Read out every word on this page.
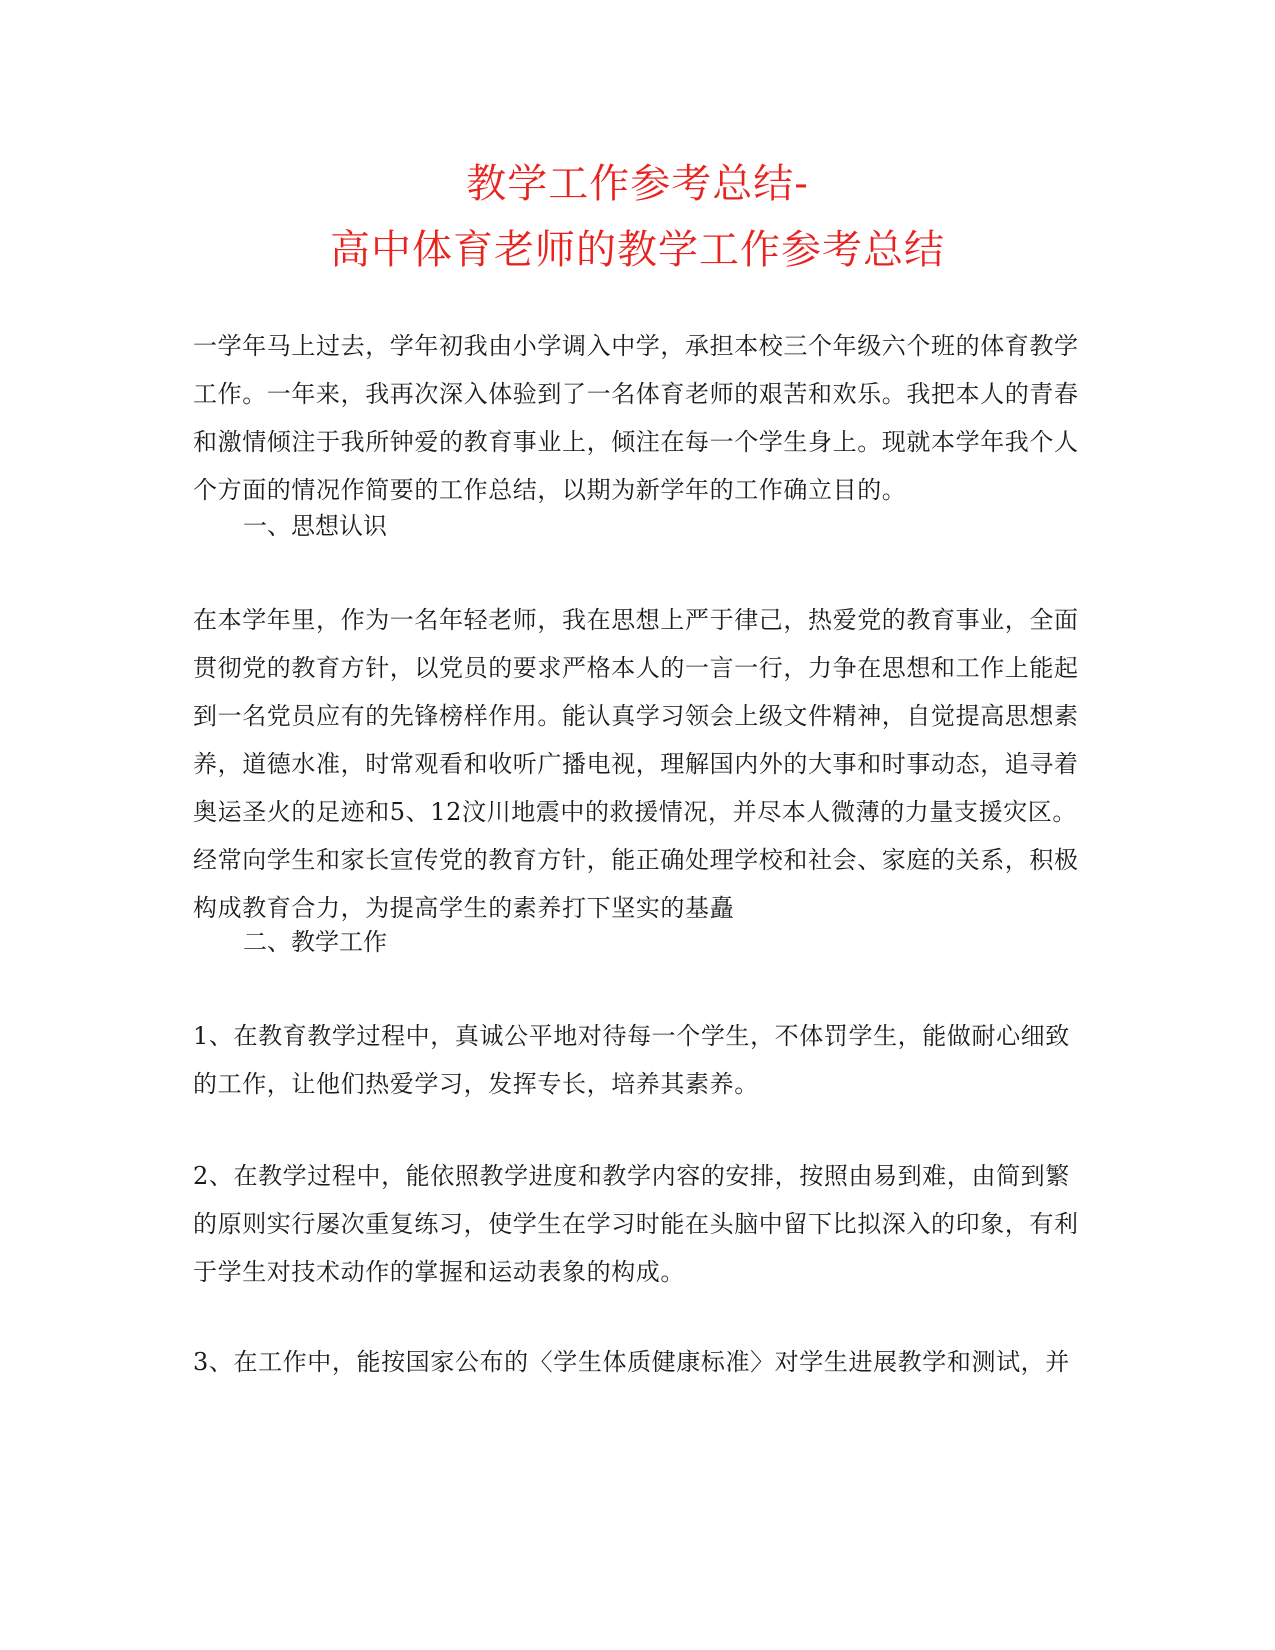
教学工作参考总结-
高中体育老师的教学工作参考总结
一学年马上过去，学年初我由小学调入中学，承担本校三个年级六个班的体育教学工作。一年来，我再次深入体验到了一名体育老师的艰苦和欢乐。我把本人的青春和激情倾注于我所钟爱的教育事业上，倾注在每一个学生身上。现就本学年我个人个方面的情况作简要的工作总结，以期为新学年的工作确立目的。
一、思想认识
在本学年里，作为一名年轻老师，我在思想上严于律己，热爱党的教育事业，全面贯彻党的教育方针，以党员的要求严格本人的一言一行，力争在思想和工作上能起到一名党员应有的先锋榜样作用。能认真学习领会上级文件精神，自觉提高思想素养，道德水准，时常观看和收听广播电视，理解国内外的大事和时事动态，追寻着奥运圣火的足迹和5、12汶川地震中的救援情况，并尽本人微薄的力量支援灾区。经常向学生和家长宣传党的教育方针，能正确处理学校和社会、家庭的关系，积极构成教育合力，为提高学生的素养打下坚实的基矗
二、教学工作
1、在教育教学过程中，真诚公平地对待每一个学生，不体罚学生，能做耐心细致的工作，让他们热爱学习，发挥专长，培养其素养。
2、在教学过程中，能依照教学进度和教学内容的安排，按照由易到难，由简到繁的原则实行屡次重复练习，使学生在学习时能在头脑中留下比拟深入的印象，有利于学生对技术动作的掌握和运动表象的构成。
3、在工作中，能按国家公布的〈学生体质健康标准〉对学生进展教学和测试，并
